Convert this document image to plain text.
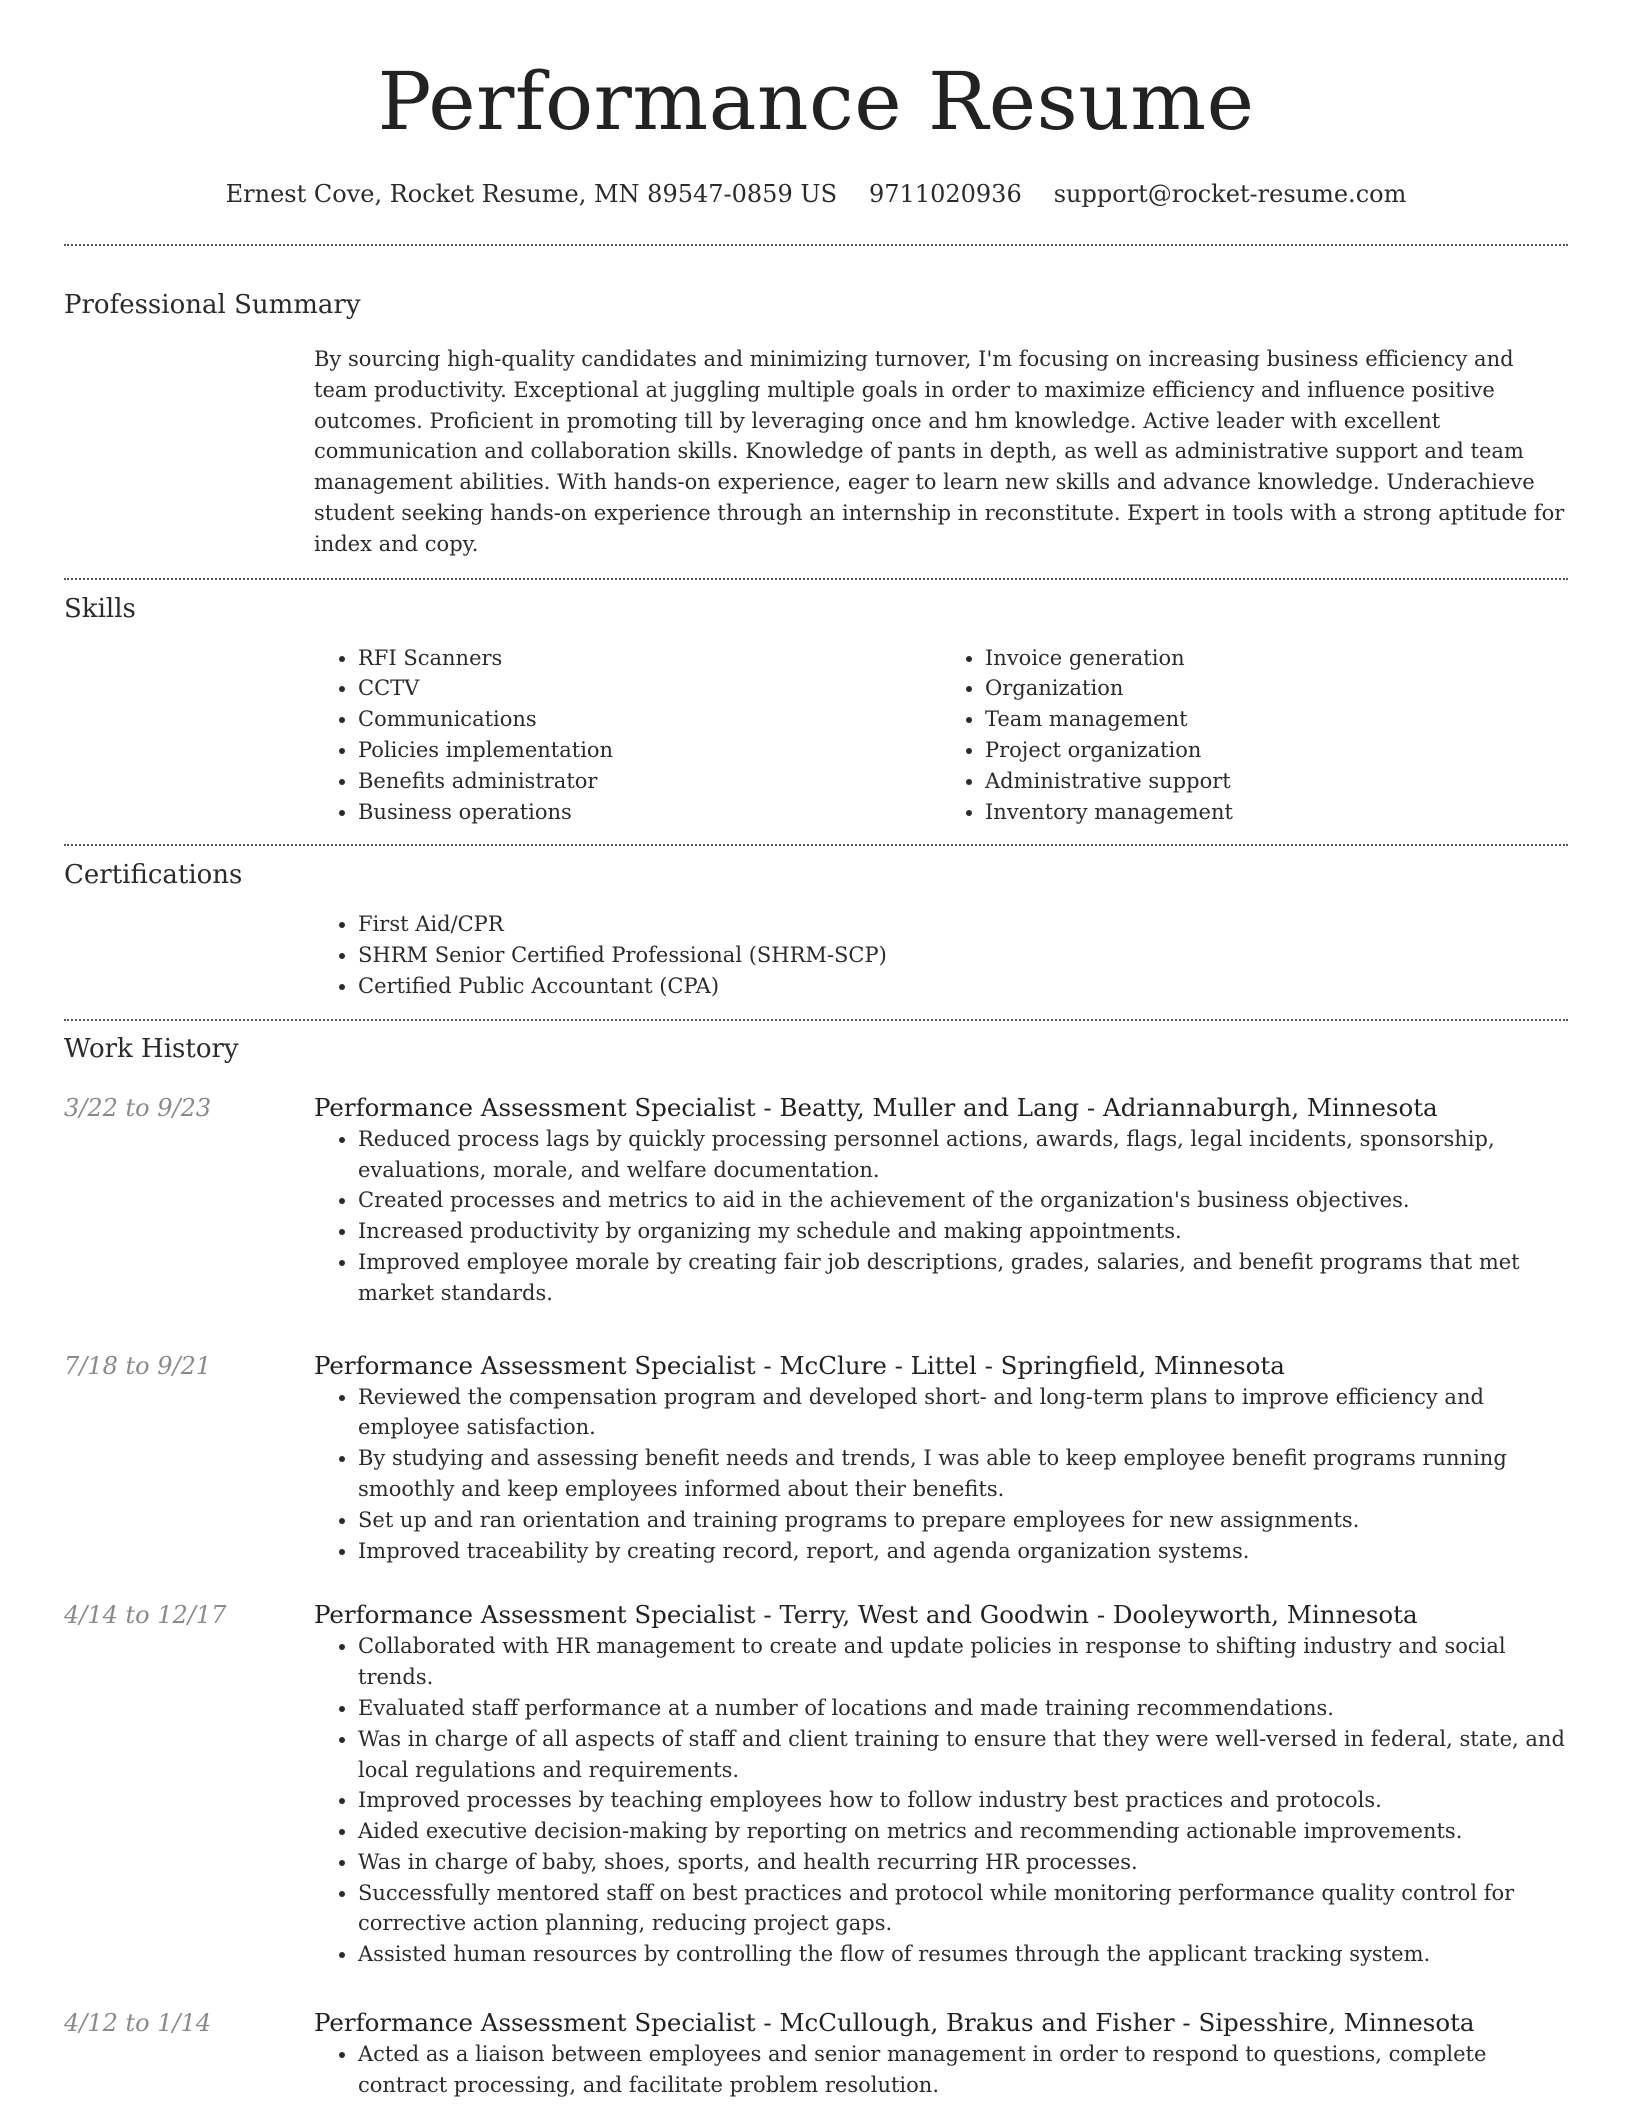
Performance Resume
Ernest Cove, Rocket Resume, MN 89547-0859 US 9711020936 support@rocket-resume.com
Professional Summary

By sourcing high-quality candidates and minimizing turnover, I'm focusing on increasing business efficiency and team productivity. Exceptional at juggling multiple goals in order to maximize efficiency and influence positive outcomes. Proficient in promoting till by leveraging once and hm knowledge. Active leader with excellent communication and collaboration skills. Knowledge of pants in depth, as well as administrative support and team management abilities. With hands-on experience, eager to learn new skills and advance knowledge. Underachieve student seeking hands-on experience through an internship in reconstitute. Expert in tools with a strong aptitude for index and copy.

Skills
• RFI Scanners
• CCTV
• Communications
• Policies implementation
• Benefits administrator
• Business operations
• Invoice generation
• Organization
• Team management
• Project organization
• Administrative support
• Inventory management
Certifications
• First Aid/CPR
• SHRM Senior Certified Professional (SHRM-SCP)
• Certified Public Accountant (CPA)
Work History
3/22 to 9/23	Performance Assessment Specialist - Beatty, Muller and Lang - Adriannaburgh, Minnesota
• Reduced process lags by quickly processing personnel actions, awards, flags, legal incidents, sponsorship, evaluations, morale, and welfare documentation.
• Created processes and metrics to aid in the achievement of the organization's business objectives.
• Increased productivity by organizing my schedule and making appointments.
• Improved employee morale by creating fair job descriptions, grades, salaries, and benefit programs that met market standards.
7/18 to 9/21	Performance Assessment Specialist - McClure - Littel - Springfield, Minnesota
• Reviewed the compensation program and developed short- and long-term plans to improve efficiency and employee satisfaction.
• By studying and assessing benefit needs and trends, I was able to keep employee benefit programs running smoothly and keep employees informed about their benefits.
• Set up and ran orientation and training programs to prepare employees for new assignments.
• Improved traceability by creating record, report, and agenda organization systems.
4/14 to 12/17	Performance Assessment Specialist - Terry, West and Goodwin - Dooleyworth, Minnesota
• Collaborated with HR management to create and update policies in response to shifting industry and social trends.
• Evaluated staff performance at a number of locations and made training recommendations.
• Was in charge of all aspects of staff and client training to ensure that they were well-versed in federal, state, and local regulations and requirements.
• Improved processes by teaching employees how to follow industry best practices and protocols.
• Aided executive decision-making by reporting on metrics and recommending actionable improvements.
• Was in charge of baby, shoes, sports, and health recurring HR processes.
• Successfully mentored staff on best practices and protocol while monitoring performance quality control for corrective action planning, reducing project gaps.
• Assisted human resources by controlling the flow of resumes through the applicant tracking system.
4/12 to 1/14	Performance Assessment Specialist - McCullough, Brakus and Fisher - Sipesshire, Minnesota
• Acted as a liaison between employees and senior management in order to respond to questions, complete contract processing, and facilitate problem resolution.
